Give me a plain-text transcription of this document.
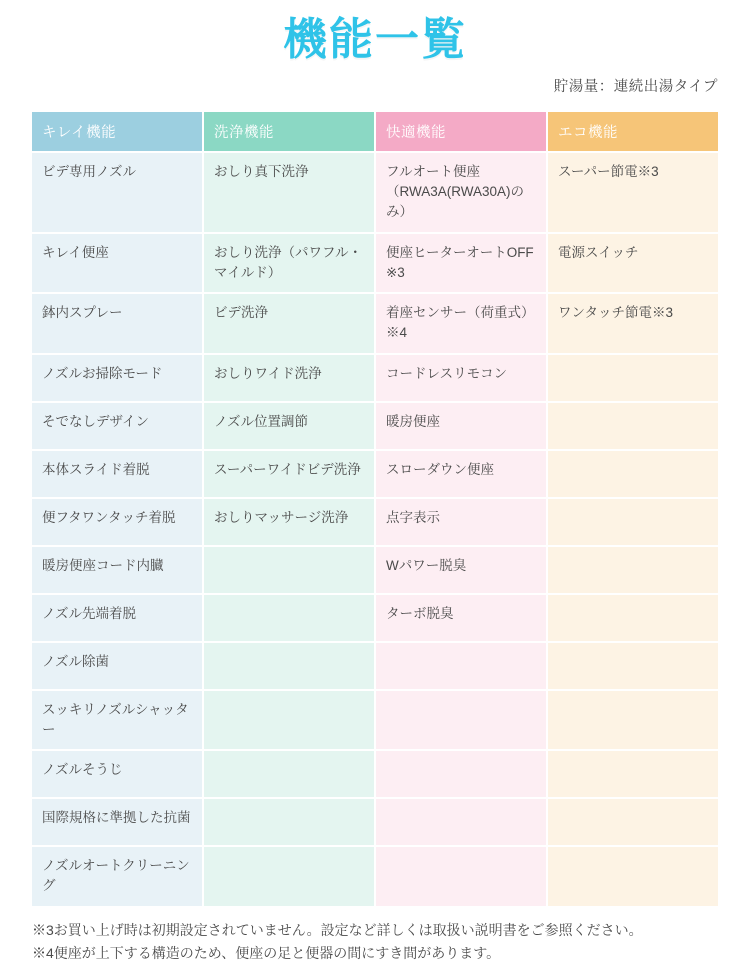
機能一覧
貯湯量：連続出湯タイプ
キレイ機能	洗浄機能	快適機能	エコ機能
ビデ専用ノズル	おしり真下洗浄	フルオート便座（RWA3A(RWA30A)のみ）	スーパー節電※3
キレイ便座	おしり洗浄（パワフル・マイルド）	便座ヒーターオートOFF ※3	電源スイッチ
鉢内スプレー	ビデ洗浄	着座センサー（荷重式）※4	ワンタッチ節電※3
ノズルお掃除モード	おしりワイド洗浄	コードレスリモコン	
そでなしデザイン	ノズル位置調節	暖房便座	
本体スライド着脱	スーパーワイドビデ洗浄	スローダウン便座	
便フタワンタッチ着脱	おしりマッサージ洗浄	点字表示	
暖房便座コード内臓		Wパワー脱臭	
ノズル先端着脱		ターボ脱臭	
ノズル除菌			
スッキリノズルシャッター			
ノズルそうじ			
国際規格に準拠した抗菌			
ノズルオートクリーニング			

※3お買い上げ時は初期設定されていません。設定など詳しくは取扱い説明書をご参照ください。

※4便座が上下する構造のため、便座の足と便器の間にすき間があります。
